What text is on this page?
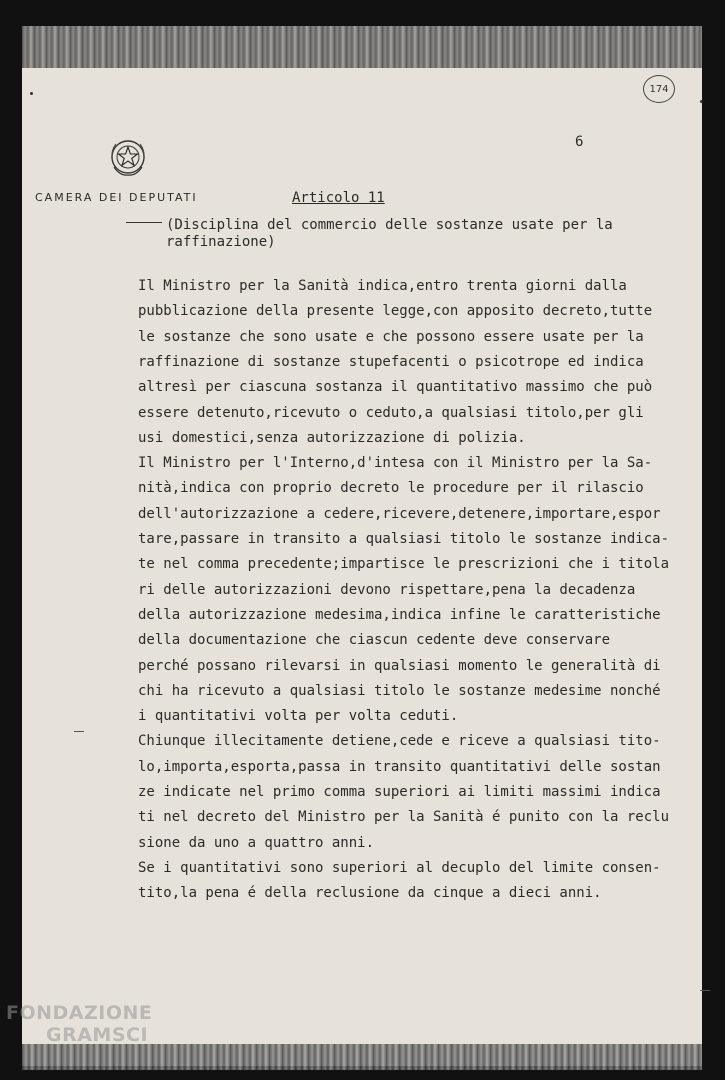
CAMERA DEI DEPUTATI
6
174
Articolo 11
(Disciplina del commercio delle sostanze usate per la
raffinazione)
Il Ministro per la Sanità indica,entro trenta giorni dalla
pubblicazione della presente legge,con apposito decreto,tutte
le sostanze che sono usate e che possono essere usate per la
raffinazione di sostanze stupefacenti o psicotrope ed indica
altresì per ciascuna sostanza il quantitativo massimo che può
essere detenuto,ricevuto o ceduto,a qualsiasi titolo,per gli
usi domestici,senza autorizzazione di polizia.
Il Ministro per l'Interno,d'intesa con il Ministro per la Sa-
nità,indica con proprio decreto le procedure per il rilascio
dell'autorizzazione a cedere,ricevere,detenere,importare,espor
tare,passare in transito a qualsiasi titolo le sostanze indica-
te nel comma precedente;impartisce le prescrizioni che i titola
ri delle autorizzazioni devono rispettare,pena la decadenza
della autorizzazione medesima,indica infine le caratteristiche
della documentazione che ciascun cedente deve conservare
perché possano rilevarsi in qualsiasi momento le generalità di
chi ha ricevuto a qualsiasi titolo le sostanze medesime nonché
i quantitativi volta per volta ceduti.
Chiunque illecitamente detiene,cede e riceve a qualsiasi tito-
lo,importa,esporta,passa in transito quantitativi delle sostan
ze indicate nel primo comma superiori ai limiti massimi indica
ti nel decreto del Ministro per la Sanità é punito con la reclu
sione da uno a quattro anni.
Se i quantitativi sono superiori al decuplo del limite consen-
tito,la pena é della reclusione da cinque a dieci anni.
FONDAZIONE
GRAMSCI
